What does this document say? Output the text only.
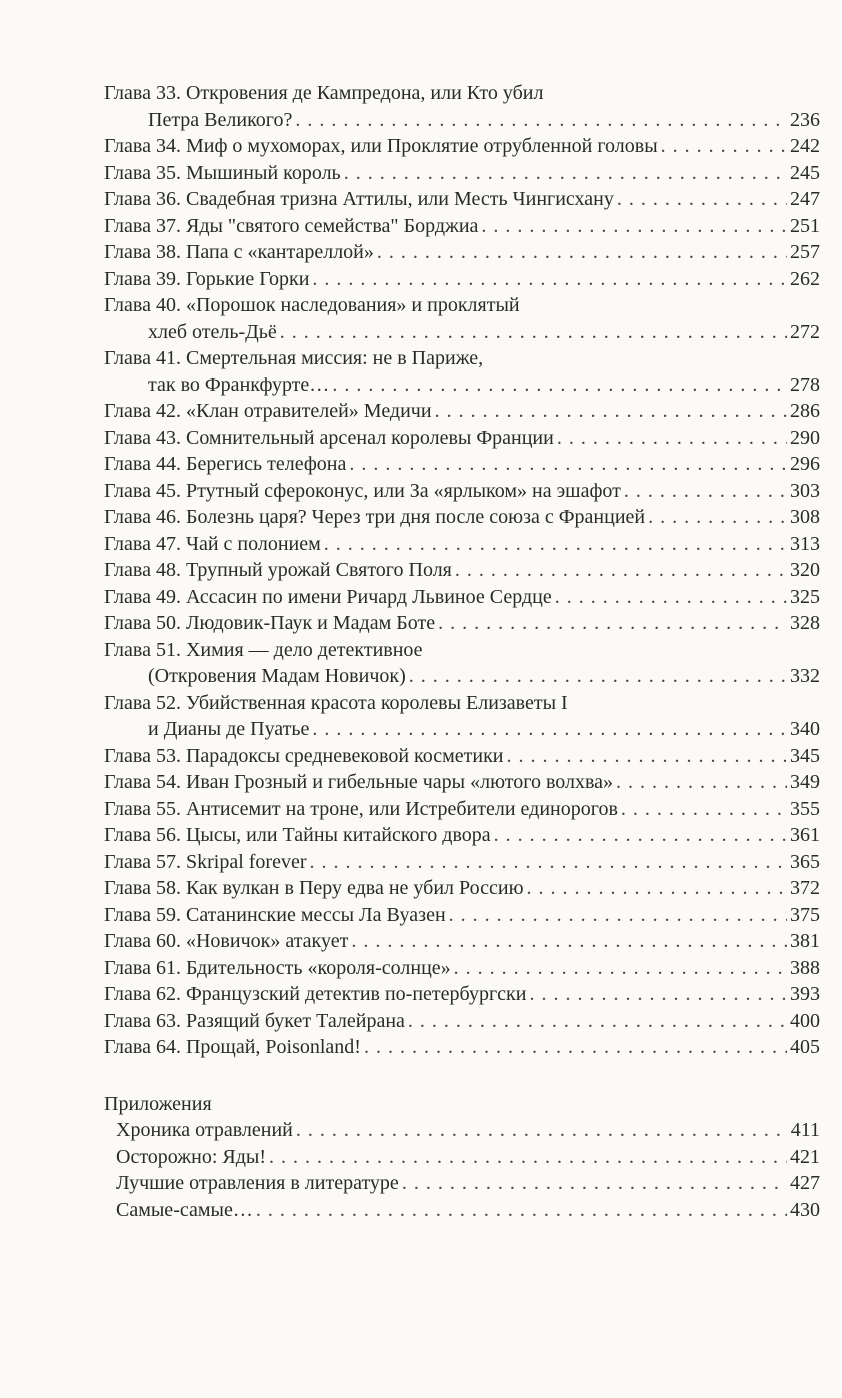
Глава 33. Откровения де Кампредона, или Кто убил
Петра Великого? . . .	236
Глава 34. Миф о мухоморах, или Проклятие отрубленной головы . . .	242
Глава 35. Мышиный король . . .	245
Глава 36. Свадебная тризна Аттилы, или Месть Чингисхану . . .	247
Глава 37. Яды "святого семейства" Борджиа . . .	251
Глава 38. Папа с «кантареллой» . . .	257
Глава 39. Горькие Горки . . .	262
Глава 40. «Порошок наследования» и проклятый
хлеб отель-Дьё . . .	272
Глава 41. Смертельная миссия: не в Париже,
так во Франкфурте… . . .	278
Глава 42. «Клан отравителей» Медичи . . .	286
Глава 43. Сомнительный арсенал королевы Франции . . .	290
Глава 44. Берегись телефона . . .	296
Глава 45. Ртутный сфероконус, или За «ярлыком» на эшафот . . .	303
Глава 46. Болезнь царя? Через три дня после союза с Францией . . .	308
Глава 47. Чай с полонием . . .	313
Глава 48. Трупный урожай Святого Поля . . .	320
Глава 49. Ассасин по имени Ричард Львиное Сердце . . .	325
Глава 50. Людовик-Паук и Мадам Боте . . .	328
Глава 51. Химия — дело детективное
(Откровения Мадам Новичок) . . .	332
Глава 52. Убийственная красота королевы Елизаветы I
и Дианы де Пуатье . . .	340
Глава 53. Парадоксы средневековой косметики . . .	345
Глава 54. Иван Грозный и гибельные чары «лютого волхва» . . .	349
Глава 55. Антисемит на троне, или Истребители единорогов . . .	355
Глава 56. Цысы, или Тайны китайского двора . . .	361
Глава 57. Skripal forever . . .	365
Глава 58. Как вулкан в Перу едва не убил Россию . . .	372
Глава 59. Сатанинские мессы Ла Вуазен . . .	375
Глава 60. «Новичок» атакует . . .	381
Глава 61. Бдительность «короля-солнце» . . .	388
Глава 62. Французский детектив по-петербургски . . .	393
Глава 63. Разящий букет Талейрана . . .	400
Глава 64. Прощай, Poisonland! . . .	405
Приложения
Хроника отравлений . . .	411
Осторожно: Яды! . . .	421
Лучшие отравления в литературе . . .	427
Самые-самые… . . .	430
